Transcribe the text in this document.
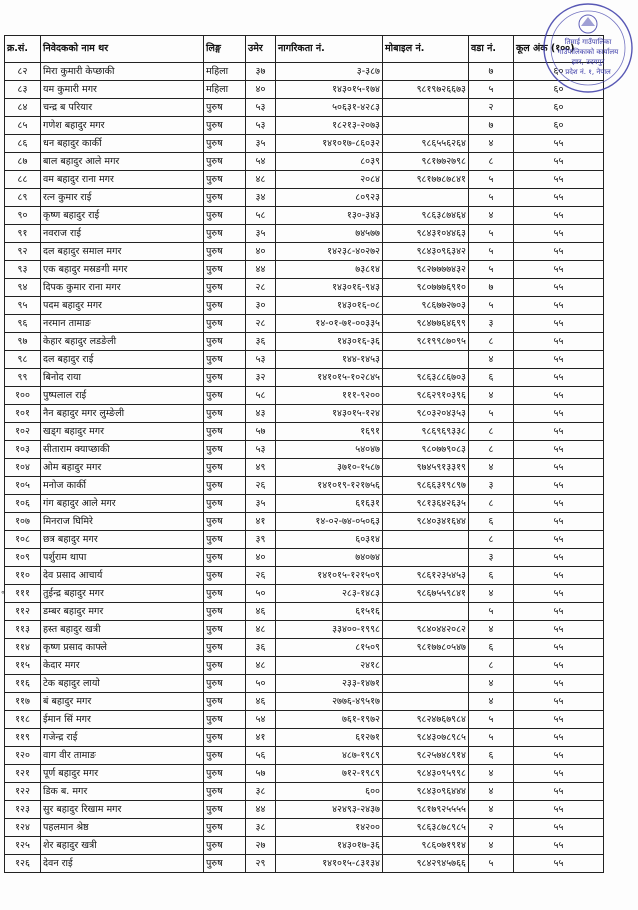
॰
क्र.सं.	निवेदकको नाम थर	लिङ्ग	उमेर	नागरिकता नं.	मोबाइल नं.	वडा नं.	कूल अंक (१००)
८२	मिरा कुमारी केप्छाकी	महिला	३७	३-३८७		७	६०
८३	यम कुमारी मगर	महिला	४०	१४३०१५-१७४	९८१९७२६६७३	५	६०
८४	चन्द्र ब परियार	पुरुष	५३	५०६३१-४२८३		२	६०
८५	गणेश बहादुर मगर	पुरुष	५३	१८२१३-२०७३		७	६०
८६	धन बहादुर कार्की	पुरुष	३५	१४१०१७-८६०३२	९८६५५६२६४	४	५५
८७	बाल बहादुर आले मगर	पुरुष	५४	८०३९	९८१७७२७९८	८	५५
८८	वम बहादुर राना मगर	पुरुष	४८	२०८४	९८१७७८७८४१	५	५५
८९	रत्न कुमार राई	पुरुष	३४	८०९२३		५	५५
९०	कृष्ण बहादुर राई	पुरुष	५८	१३०-३४३	९८६३८७४६४	४	५५
९१	नवराज राई	पुरुष	३५	७४५७७	९८४३१०४४६३	५	५५
९२	दल बहादुर समाल मगर	पुरुष	४०	१४२३८-४०२७२	९८४३०९६३४२	५	५५
९३	एक बहादुर मस्रङगी मगर	पुरुष	४४	७३८१४	९८२७७७७४३२	५	५५
९४	दिपक कुमार राना मगर	पुरुष	२८	१४३०१६-९४३	९८०७७७६९१०	७	५५
९५	पदम बहादुर मगर	पुरुष	३०	१४३०१६-०८	९८६७७२७०३	५	५५
९६	नरमान तामाङ	पुरुष	२८	१४-०१-७१-००३३५	९८४७७६४६९९	३	५५
९७	केहार बहादुर लडङेली	पुरुष	३६	१४३०१६-३६	९८१९९८७०९५	८	५५
९८	दल बहादुर राई	पुरुष	५३	१४४-१४५३		४	५५
९९	बिनोद राया	पुरुष	३२	१४१०१५-१०२८४५	९८६३८८६७०३	६	५५
१००	पुष्पलाल राई	पुरुष	५८	१११-९२००	९८६२९१०३९६	४	५५
१०१	नैन बहादुर मगर लुम्ङेली	पुरुष	४३	१४३०१५-१२४	९८०३२०४३५३	५	५५
१०२	खड्ग बहादुर मगर	पुरुष	५७	१६९१	९८६९६९३३८	८	५५
१०३	सीताराम क्याप्छाकी	पुरुष	५३	५४०४७	९८०७७९०८३	८	५५
१०४	ओम बहादुर मगर	पुरुष	४९	३७१०-१५८७	९७४५९१३३१९	४	५५
१०५	मनोज कार्की	पुरुष	२६	१४१०१९-१२१७५६	९८६६३१९८९७	३	५५
१०६	गंग बहादुर आले मगर	पुरुष	३५	६१६३१	९८१३६४२६३५	८	५५
१०७	मिनराज घिमिरे	पुरुष	४१	१४-०२-७४-०५०६३	९८४०३४१६४४	६	५५
१०८	छत्र बहादुर मगर	पुरुष	३९	६०३१४		८	५५
१०९	पर्शुराम थापा	पुरुष	४०	७४०७४		३	५५
११०	देव प्रसाद आचार्य	पुरुष	२६	१४१०१५-१२१५०९	९८६१२३५४५३	६	५५
१११	तुईन्द्र बहादुर मगर	पुरुष	५०	२८३-१४८३	९८६७५५९८४१	४	५५
११२	डम्बर बहादुर मगर	पुरुष	४६	६१५१६		५	५५
११३	हस्त बहादुर खत्री	पुरुष	४८	३३४००-१९९८	९८४०४४२०८२	४	५५
११४	कृष्ण प्रसाद काफ्ले	पुरुष	३६	८१५०९	९८१७७८०५४७	६	५५
११५	केदार मगर	पुरुष	४८	२४१८		८	५५
११६	टेक बहादुर लायो	पुरुष	५०	२३३-१४७१		४	५५
११७	बं बहादुर मगर	पुरुष	४६	२७७६-४९५१७		४	५५
११८	ईमान सिं मगर	पुरुष	५४	७६१-१९७२	९८२४७६७९८४	५	५५
११९	गजेन्द्र राई	पुरुष	४१	६१२७१	९८४३०७८९८५	५	५५
१२०	वाग वीर तामाङ	पुरुष	५६	४८७-१९८९	९८२५७४८९१४	६	५५
१२१	पूर्ण बहादुर मगर	पुरुष	५७	७१२-१९८९	९८४३०९५९९८	४	५५
१२२	डिक ब. मगर	पुरुष	३८	६००	९८४३०९६४४४	४	५५
१२३	सुर बहादुर रिखाम मगर	पुरुष	४४	४२४९३-२४३७	९८१७९२५५५५	४	५५
१२४	पहलमान श्रेष्ठ	पुरुष	३८	१४२००	९८६३८७८९८५	२	५५
१२५	शेर बहादुर खत्री	पुरुष	२७	१४३०१७-३६	९८६०७१९१४	४	५५
१२६	देवन राई	पुरुष	२९	१४१०१५-८३१३४	९८४२९४५७६६	५	५५
तिमाई गाउँपालिका
गाउँपालिकाको कार्यालय
झार, उदयपुर
प्रदेश नं. १, नेपाल
